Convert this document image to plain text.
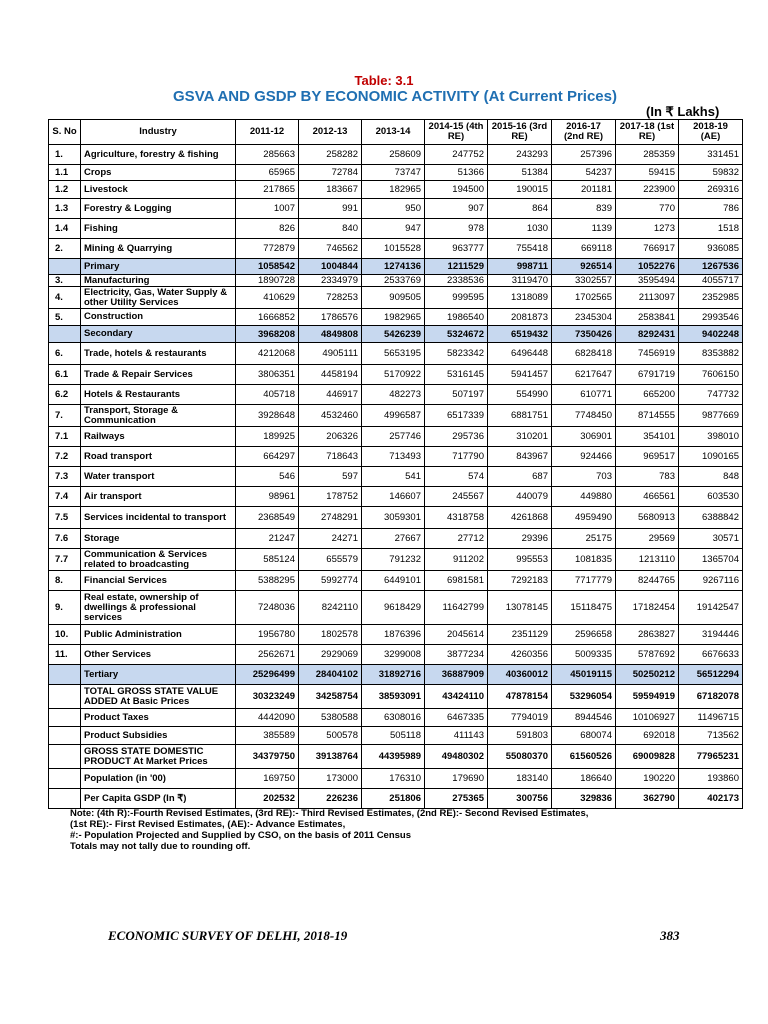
Table: 3.1
GSVA AND GSDP BY ECONOMIC ACTIVITY (At Current Prices)
(In ₹ Lakhs)
S. No	Industry	2011-12	2012-13	2013-14	2014-15 (4th RE)	2015-16 (3rd RE)	2016-17 (2nd RE)	2017-18 (1st RE)	2018-19 (AE)
1.	Agriculture, forestry & fishing	285663	258282	258609	247752	243293	257396	285359	331451
1.1	Crops	65965	72784	73747	51366	51384	54237	59415	59832
1.2	Livestock	217865	183667	182965	194500	190015	201181	223900	269316
1.3	Forestry & Logging	1007	991	950	907	864	839	770	786
1.4	Fishing	826	840	947	978	1030	1139	1273	1518
2.	Mining & Quarrying	772879	746562	1015528	963777	755418	669118	766917	936085
	Primary	1058542	1004844	1274136	1211529	998711	926514	1052276	1267536
3.	Manufacturing	1890728	2334979	2533769	2338536	3119470	3302557	3595494	4055717
4.	Electricity, Gas, Water Supply & other Utility Services	410629	728253	909505	999595	1318089	1702565	2113097	2352985
5.	Construction	1666852	1786576	1982965	1986540	2081873	2345304	2583841	2993546
	Secondary	3968208	4849808	5426239	5324672	6519432	7350426	8292431	9402248
6.	Trade, hotels & restaurants	4212068	4905111	5653195	5823342	6496448	6828418	7456919	8353882
6.1	Trade & Repair Services	3806351	4458194	5170922	5316145	5941457	6217647	6791719	7606150
6.2	Hotels & Restaurants	405718	446917	482273	507197	554990	610771	665200	747732
7.	Transport, Storage & Communication	3928648	4532460	4996587	6517339	6881751	7748450	8714555	9877669
7.1	Railways	189925	206326	257746	295736	310201	306901	354101	398010
7.2	Road transport	664297	718643	713493	717790	843967	924466	969517	1090165
7.3	Water transport	546	597	541	574	687	703	783	848
7.4	Air transport	98961	178752	146607	245567	440079	449880	466561	603530
7.5	Services incidental to transport	2368549	2748291	3059301	4318758	4261868	4959490	5680913	6388842
7.6	Storage	21247	24271	27667	27712	29396	25175	29569	30571
7.7	Communication & Services related to broadcasting	585124	655579	791232	911202	995553	1081835	1213110	1365704
8.	Financial Services	5388295	5992774	6449101	6981581	7292183	7717779	8244765	9267116
9.	Real estate, ownership of dwellings & professional services	7248036	8242110	9618429	11642799	13078145	15118475	17182454	19142547
10.	Public Administration	1956780	1802578	1876396	2045614	2351129	2596658	2863827	3194446
11.	Other Services	2562671	2929069	3299008	3877234	4260356	5009335	5787692	6676633
	Tertiary	25296499	28404102	31892716	36887909	40360012	45019115	50250212	56512294
	TOTAL GROSS STATE VALUE ADDED At Basic Prices	30323249	34258754	38593091	43424110	47878154	53296054	59594919	67182078
	Product Taxes	4442090	5380588	6308016	6467335	7794019	8944546	10106927	11496715
	Product Subsidies	385589	500578	505118	411143	591803	680074	692018	713562
	GROSS STATE DOMESTIC PRODUCT At Market Prices	34379750	39138764	44395989	49480302	55080370	61560526	69009828	77965231
	Population (in '00)	169750	173000	176310	179690	183140	186640	190220	193860
	Per Capita GSDP (In ₹)	202532	226236	251806	275365	300756	329836	362790	402173
Note: (4th R):-Fourth Revised Estimates, (3rd RE):- Third Revised Estimates, (2nd RE):- Second Revised Estimates,
(1st RE):- First Revised Estimates, (AE):- Advance Estimates,
#:- Population Projected and Supplied by CSO, on the basis of 2011 Census
Totals may not tally due to rounding off.
ECONOMIC SURVEY OF DELHI, 2018-19	383
